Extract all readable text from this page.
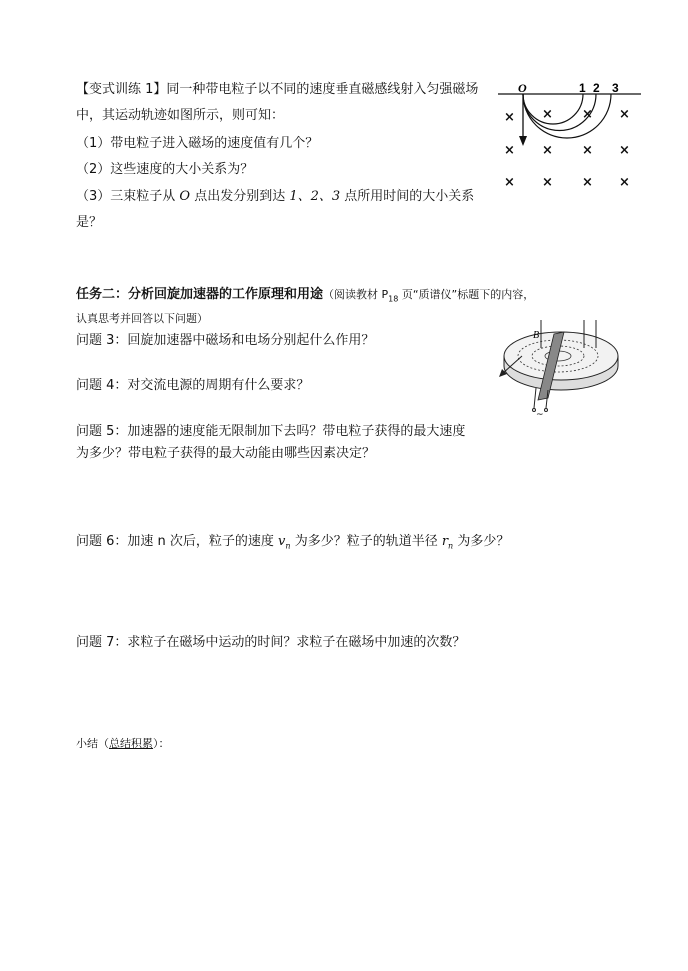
【变式训练 1】同一种带电粒子以不同的速度垂直磁感线射入匀强磁场
中，其运动轨迹如图所示，则可知：
（1）带电粒子进入磁场的速度值有几个？
（2）这些速度的大小关系为？
（3）三束粒子从 O 点出发分别到达 1、2、3 点所用时间的大小关系
是？
O	1 2 3
× × × ×
× × × ×
× × × ×
任务二：分析回旋加速器的工作原理和用途（阅读教材 $P_{18}$ 页“质谱仪”标题下的内容，
认真思考并回答以下问题）
B
~
问题 3：回旋加速器中磁场和电场分别起什么作用？
问题 4：对交流电源的周期有什么要求？
问题 5：加速器的速度能无限制加下去吗？带电粒子获得的最大速度
为多少？带电粒子获得的最大动能由哪些因素决定？
问题 6：加速 n 次后，粒子的速度 $v_n$ 为多少？粒子的轨道半径 $r_n$ 为多少？
问题 7：求粒子在磁场中运动的时间？求粒子在磁场中加速的次数？
小结（总结积累）：
